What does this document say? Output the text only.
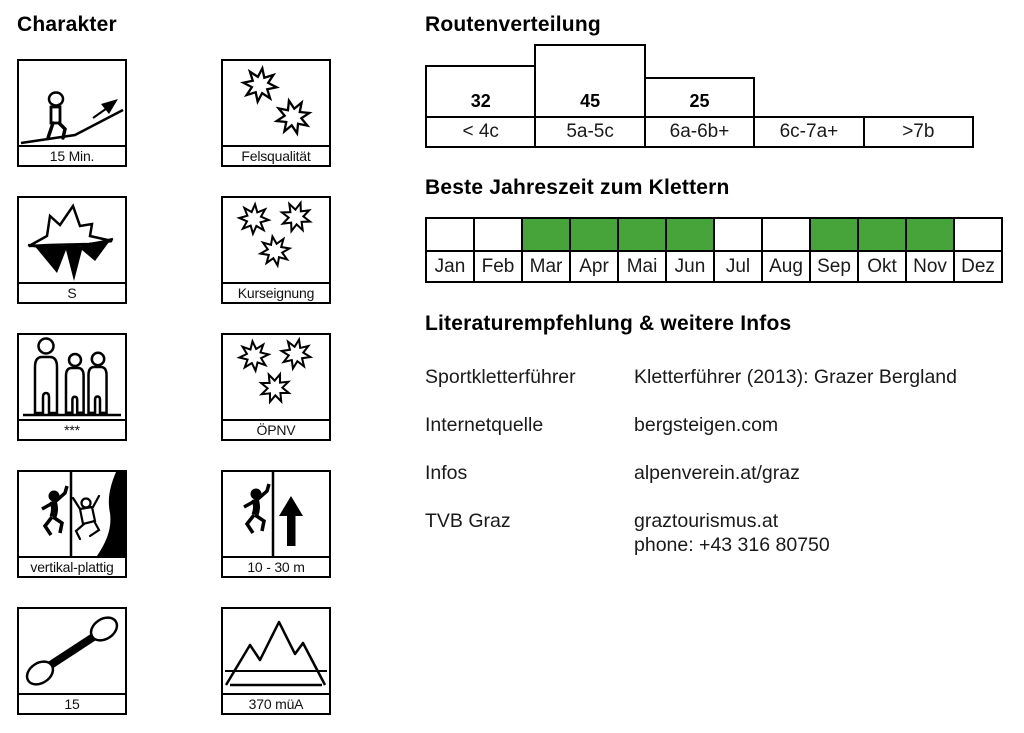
Charakter
15 Min.	Felsqualität
S	Kurseignung
***	ÖPNV
vertikal-plattig	10 - 30 m
15	370 müA
Routenverteilung
32
< 4c
45
5a-5c
25
6a-6b+	6c-7a+	>7b
Beste Jahreszeit zum Klettern
Jan Feb Mar Apr Mai Jun	Jul Aug Sep Okt Nov Dez
Literaturempfehlung & weitere Infos
Sportkletterführer	Kletterführer (2013): Grazer Bergland
Internetquelle	bergsteigen.com
Infos	alpenverein.at/graz
TVB Graz	graztourismus.at
phone: +43 316 80750
